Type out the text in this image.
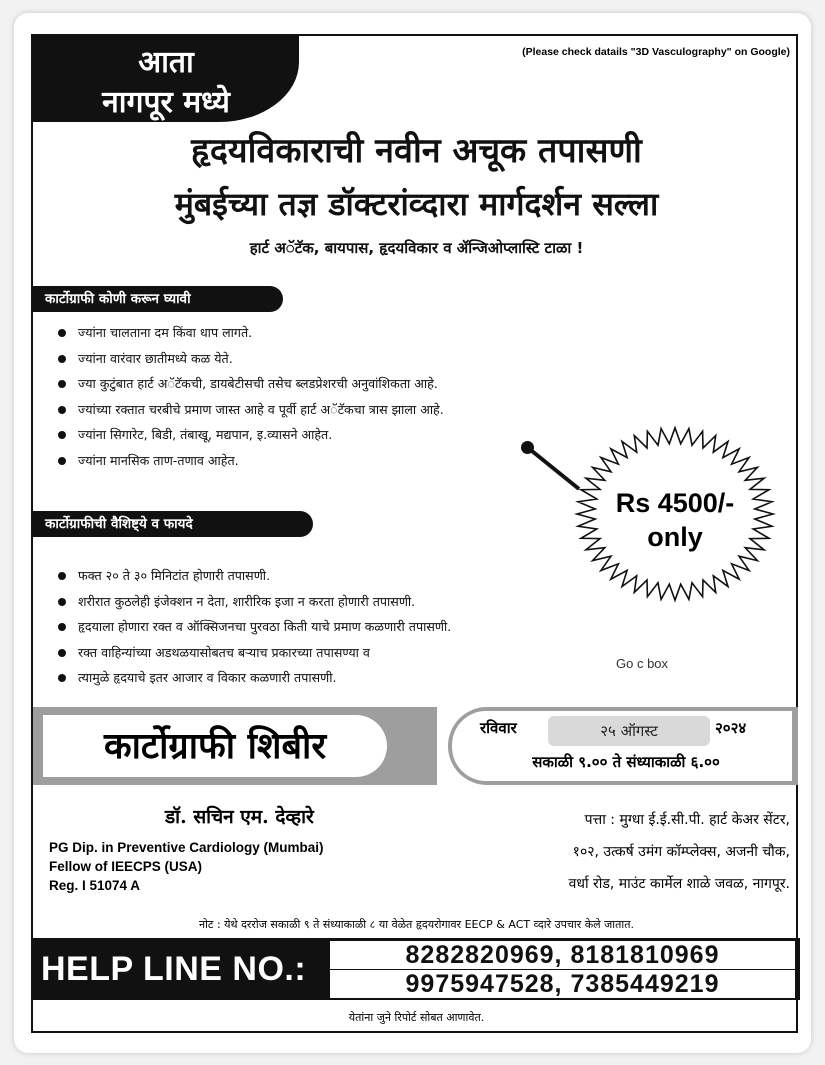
आता
नागपूर मध्ये
(Please check datails "3D Vasculography" on Google)
हृदयविकाराची नवीन अचूक तपासणी
मुंबईच्या तज्ञ डॉक्टरांव्दारा मार्गदर्शन सल्ला
हार्ट अॅटॅक, बायपास, हृदयविकार व ॲन्जिओप्लास्टि टाळा !
कार्टोग्राफी कोणी करून घ्यावी
ज्यांना चालताना दम किंवा धाप लागते.
ज्यांना वारंवार छातीमध्ये कळ येते.
ज्या कुटुंबात हार्ट अॅटॅकची, डायबेटीसची तसेच ब्लडप्रेशरची अनुवांशिकता आहे.
ज्यांच्या रक्तात चरबीचे प्रमाण जास्त आहे व पूर्वी हार्ट अॅटॅकचा त्रास झाला आहे.
ज्यांना सिगारेट, बिडी, तंबाखू, मद्यपान, इ.व्यासने आहेत.
ज्यांना मानसिक ताण-तणाव आहेत.
कार्टोग्राफीची वैशिष्ट्ये व फायदे
फक्त २० ते ३० मिनिटांत होणारी तपासणी.
शरीरात कुठलेही इंजेक्शन न देता, शारीरिक इजा न करता होणारी तपासणी.
हृदयाला होणारा रक्त व ऑक्सिजनचा पुरवठा किती याचे प्रमाण कळणारी तपासणी.
रक्त वाहिन्यांच्या अडथळयासोबतच बऱ्याच प्रकारच्या तपासण्या व
त्यामुळे हृदयाचे इतर आजार व विकार कळणारी तपासणी.
Rs 4500/-
only
Go c box
कार्टोग्राफी शिबीर	रविवार	२५ ऑगस्ट	२०२४
सकाळी ९.०० ते संध्याकाळी ६.००
डॉ. सचिन एम. देव्हारे
PG Dip. in Preventive Cardiology (Mumbai)
Fellow of IEECPS (USA)
Reg. I 51074 A
पत्ता : मुग्धा ई.ई.सी.पी. हार्ट केअर सेंटर,
१०२, उत्कर्ष उमंग कॉम्प्लेक्स, अजनी चौक,
वर्धा रोड, माउंट कार्मेल शाळे जवळ, नागपूर.
नोट : येथे दररोज सकाळी ९ ते संध्याकाळी ८ या वेळेत हृदयरोगावर EECP & ACT व्दारे उपचार केले जातात.
HELP LINE NO.:	8282820969, 8181810969
9975947528, 7385449219
येतांना जुने रिपोर्ट सोबत आणावेत.
